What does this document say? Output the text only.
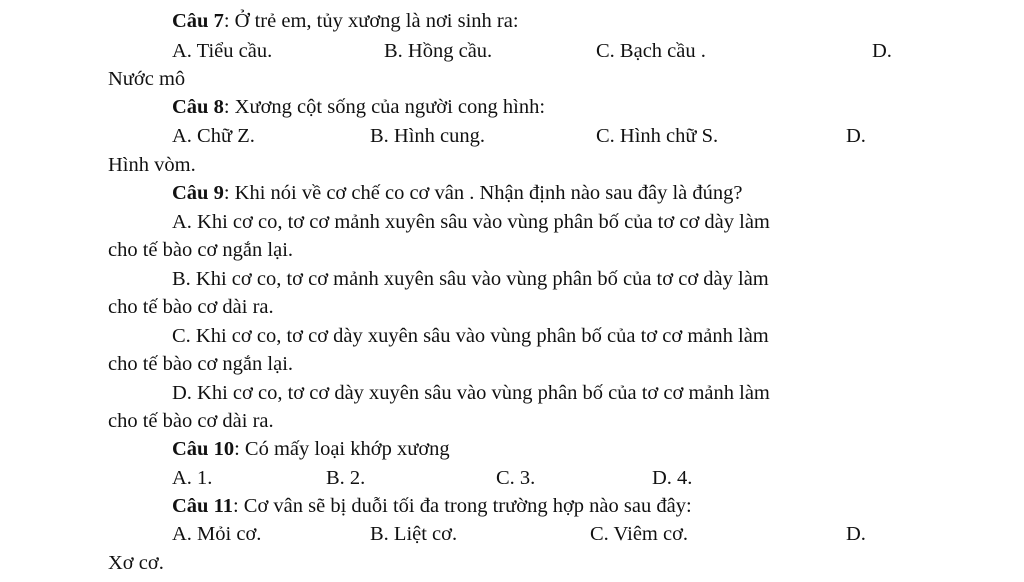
Câu 7: Ở trẻ em, tủy xương là nơi sinh ra:
A. Tiểu cầu.	B. Hồng cầu.	C. Bạch cầu .	D.
Nước mô
Câu 8: Xương cột sống của người cong hình:
A. Chữ Z.	B. Hình cung.	C. Hình chữ S.	D.
Hình vòm.
Câu 9: Khi nói về cơ chế co cơ vân . Nhận định nào sau đây là đúng?
A. Khi cơ co, tơ cơ mảnh xuyên sâu vào vùng phân bố của tơ cơ dày làm
cho tế bào cơ ngắn lại.
B. Khi cơ co, tơ cơ mảnh xuyên sâu vào vùng phân bố của tơ cơ dày làm
cho tế bào cơ dài ra.
C. Khi cơ co, tơ cơ dày xuyên sâu vào vùng phân bố của tơ cơ mảnh làm
cho tế bào cơ ngắn lại.
D. Khi cơ co, tơ cơ dày xuyên sâu vào vùng phân bố của tơ cơ mảnh làm
cho tế bào cơ dài ra.
Câu 10: Có mấy loại khớp xương
A. 1.	B. 2.	C. 3.	D. 4.
Câu 11: Cơ vân sẽ bị duỗi tối đa trong trường hợp nào sau đây:
A. Mỏi cơ.	B. Liệt cơ.	C. Viêm cơ.	D.
Xơ cơ.
